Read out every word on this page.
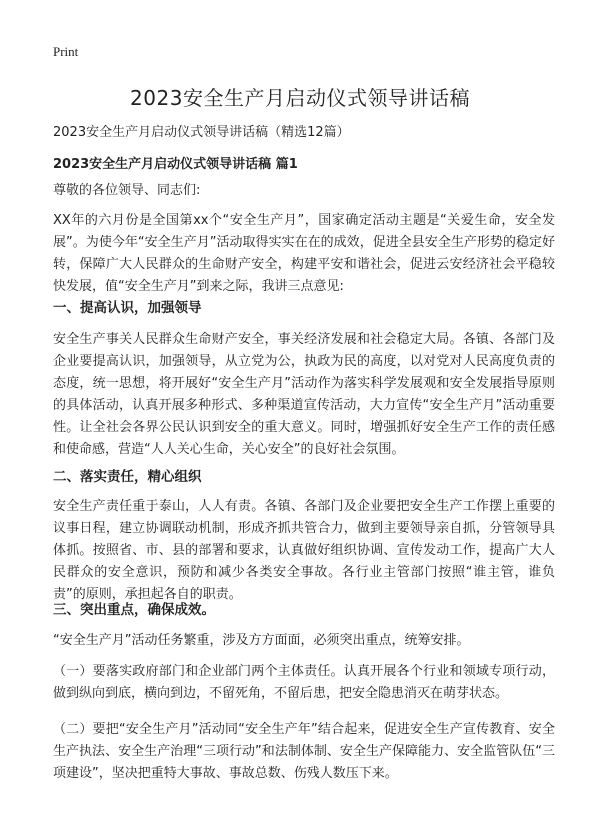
Print
2023安全生产月启动仪式领导讲话稿
2023安全生产月启动仪式领导讲话稿（精选12篇）
2023安全生产月启动仪式领导讲话稿 篇1

尊敬的各位领导、同志们:

XX年的六月份是全国第xx个“安全生产月”，国家确定活动主题是“关爱生命，安全发展”。为使今年“安全生产月”活动取得实实在在的成效，促进全县安全生产形势的稳定好转，保障广大人民群众的生命财产安全，构建平安和谐社会，促进云安经济社会平稳较快发展，值“安全生产月”到来之际，我讲三点意见:

一、提高认识，加强领导

安全生产事关人民群众生命财产安全，事关经济发展和社会稳定大局。各镇、各部门及企业要提高认识，加强领导，从立党为公，执政为民的高度，以对党对人民高度负责的态度，统一思想，将开展好“安全生产月”活动作为落实科学发展观和安全发展指导原则的具体活动，认真开展多种形式、多种渠道宣传活动，大力宣传“安全生产月”活动重要性。让全社会各界公民认识到安全的重大意义。同时，增强抓好安全生产工作的责任感和使命感，营造“人人关心生命，关心安全”的良好社会氛围。

二、落实责任，精心组织

安全生产责任重于泰山，人人有责。各镇、各部门及企业要把安全生产工作摆上重要的议事日程，建立协调联动机制，形成齐抓共管合力，做到主要领导亲自抓，分管领导具体抓。按照省、市、县的部署和要求，认真做好组织协调、宣传发动工作，提高广大人民群众的安全意识，预防和减少各类安全事故。各行业主管部门按照“谁主管，谁负责”的原则，承担起各自的职责。

三、突出重点，确保成效。

“安全生产月”活动任务繁重，涉及方方面面，必须突出重点，统筹安排。

（一）要落实政府部门和企业部门两个主体责任。认真开展各个行业和领域专项行动，做到纵向到底，横向到边，不留死角，不留后患，把安全隐患消灭在萌芽状态。

（二）要把“安全生产月”活动同“安全生产年”结合起来，促进安全生产宣传教育、安全生产执法、安全生产治理“三项行动”和法制体制、安全生产保障能力、安全监管队伍“三项建设”，坚决把重特大事故、事故总数、伤残人数压下来。
